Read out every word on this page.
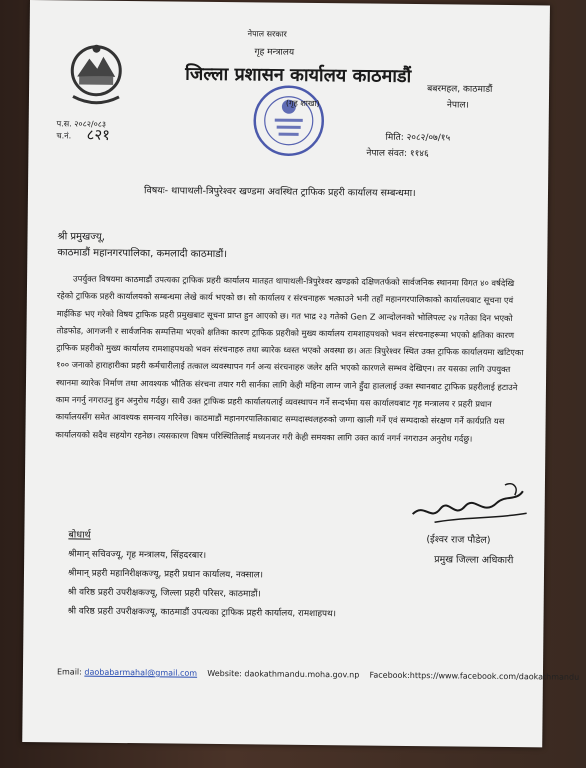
नेपाल सरकार
गृह मन्त्रालय
जिल्ला प्रशासन कार्यालय काठमाडौं
(गृह शाखा)
बबरमहल, काठमाडौं
नेपाल।
प.स. २०८२/०८३
च.नं. ८२१	मिति: २०८२/०७/१५
नेपाल संवत: ११४६
विषयः- थापाथली-त्रिपुरेश्वर खण्डमा अवस्थित ट्राफिक प्रहरी कार्यालय सम्बन्धमा।
श्री प्रमुखज्यू,
काठमाडौं महानगरपालिका, कमलादी काठमाडौं।

उपर्युक्त विषयमा काठमाडौं उपत्यका ट्राफिक प्रहरी कार्यालय मातहत थापाथली-त्रिपुरेश्वर खण्डको दक्षिणतर्फको सार्वजनिक स्थानमा विगत ४० वर्षदेखि रहेको ट्राफिक प्रहरी कार्यालयको सम्बन्धमा लेखे कार्य भएको छ। सो कार्यालय र संरचनाहरू भत्काउने भनी तहाँ महानगरपालिकाको कार्यालयबाट सूचना एवं माईकिङ भए गरेको विषय ट्राफिक प्रहरी प्रमुखबाट सूचना प्राप्त हुन आएको छ। गत भाद्र २३ गतेको Gen Z आन्दोलनको भोलिपल्ट २४ गतेका दिन भएको तोडफोड, आगजनी र सार्वजनिक सम्पत्तिमा भएको क्षतिका कारण ट्राफिक प्रहरीको मुख्य कार्यालय रामशाहपथको भवन संरचनाहरूमा भएको क्षतिका कारण ट्राफिक प्रहरीको मुख्य कार्यालय रामशाहपथको भवन संरचनाहरु तथा ब्यारेक ध्वस्त भएको अवस्था छ। अतः त्रिपुरेश्वर स्थित उक्त ट्राफिक कार्यालयमा खटिएका १०० जनाको हाराहारीका प्रहरी कर्मचारीलाई तत्काल व्यवस्थापन गर्न अन्य संरचनाहरु जलेर क्षति भएको कारणले सम्भव देखिएन। तर यसका लागि उपयुक्त स्थानमा ब्यारेक निर्माण तथा आवश्यक भौतिक संरचना तयार गरी सार्नका लागि केही महिना लाग्न जाने हुँदा हाललाई उक्त स्थानबाट ट्राफिक प्रहरीलाई हटाउने काम नगर्नु नगराउनु हुन अनुरोध गर्दछु। साथै उक्त ट्राफिक प्रहरी कार्यालयलाई व्यवस्थापन गर्ने सन्दर्भमा यस कार्यालयबाट गृह मन्त्रालय र प्रहरी प्रधान कार्यालयसँग समेत आवश्यक समन्वय गरिनेछ। काठमाडौं महानगरपालिकाबाट सम्पदास्थलहरुको जग्गा खाली गर्ने एवं सम्पदाको संरक्षण गर्ने कार्यप्रति यस कार्यालयको सदैव सहयोग रहनेछ। त्यसकारण विषम परिस्थितिलाई मध्यनजर गरी केही समयका लागि उक्त कार्य नगर्न नगराउन अनुरोध गर्दछु।

(ईश्वर राज पौडेल)
प्रमुख जिल्ला अधिकारी
बोधार्थ
श्रीमान् सचिवज्यू, गृह मन्त्रालय, सिंहदरबार।
श्रीमान् प्रहरी महानिरीक्षकज्यू, प्रहरी प्रधान कार्यालय, नक्साल।
श्री वरिष्ठ प्रहरी उपरीक्षकज्यू, जिल्ला प्रहरी परिसर, काठमाडौं।
श्री वरिष्ठ प्रहरी उपरीक्षकज्यू, काठमाडौं उपत्यका ट्राफिक प्रहरी कार्यालय, रामशाहपथ।
Email: daobabarmahal@gmail.com Website: daokathmandu.moha.gov.np Facebook:https://www.facebook.com/daokathmandu
